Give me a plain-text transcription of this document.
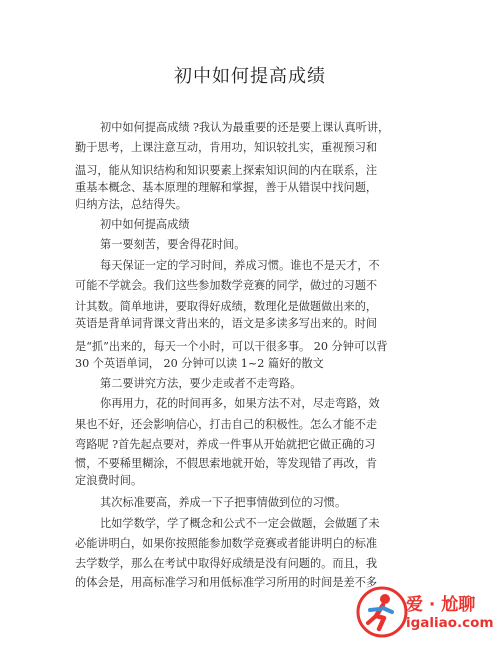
初中如何提高成绩
初中如何提高成绩 ?我认为最重要的还是要上课认真听讲，
勤于思考，上课注意互动，肯用功，知识较扎实，重视预习和
温习，能从知识结构和知识要素上探索知识间的内在联系，注
重基本概念、基本原理的理解和掌握，善于从错误中找问题，
归纳方法，总结得失。
初中如何提高成绩
第一要刻苦，要舍得花时间。
每天保证一定的学习时间，养成习惯。谁也不是天才，不
可能不学就会。我们这些参加数学竞赛的同学，做过的习题不
计其数。简单地讲，要取得好成绩，数理化是做题做出来的，
英语是背单词背课文背出来的，语文是多读多写出来的。时间
是“抓”出来的，每天一个小时，可以干很多事。 20 分钟可以背
30 个英语单词， 20 分钟可以读 1~2 篇好的散文
第二要讲究方法，要少走或者不走弯路。
你再用力，花的时间再多，如果方法不对，尽走弯路，效
果也不好，还会影响信心，打击自己的积极性。怎么才能不走
弯路呢 ?首先起点要对，养成一件事从开始就把它做正确的习
惯，不要稀里糊涂，不假思索地就开始，等发现错了再改，肯
定浪费时间。
其次标准要高，养成一下子把事情做到位的习惯。
比如学数学，学了概念和公式不一定会做题，会做题了未
必能讲明白，如果你按照能参加数学竞赛或者能讲明白的标准
去学数学，那么在考试中取得好成绩是没有问题的。而且，我
的体会是，用高标准学习和用低标准学习所用的时间是差不多
爱 · 尬聊
igaliao.com
